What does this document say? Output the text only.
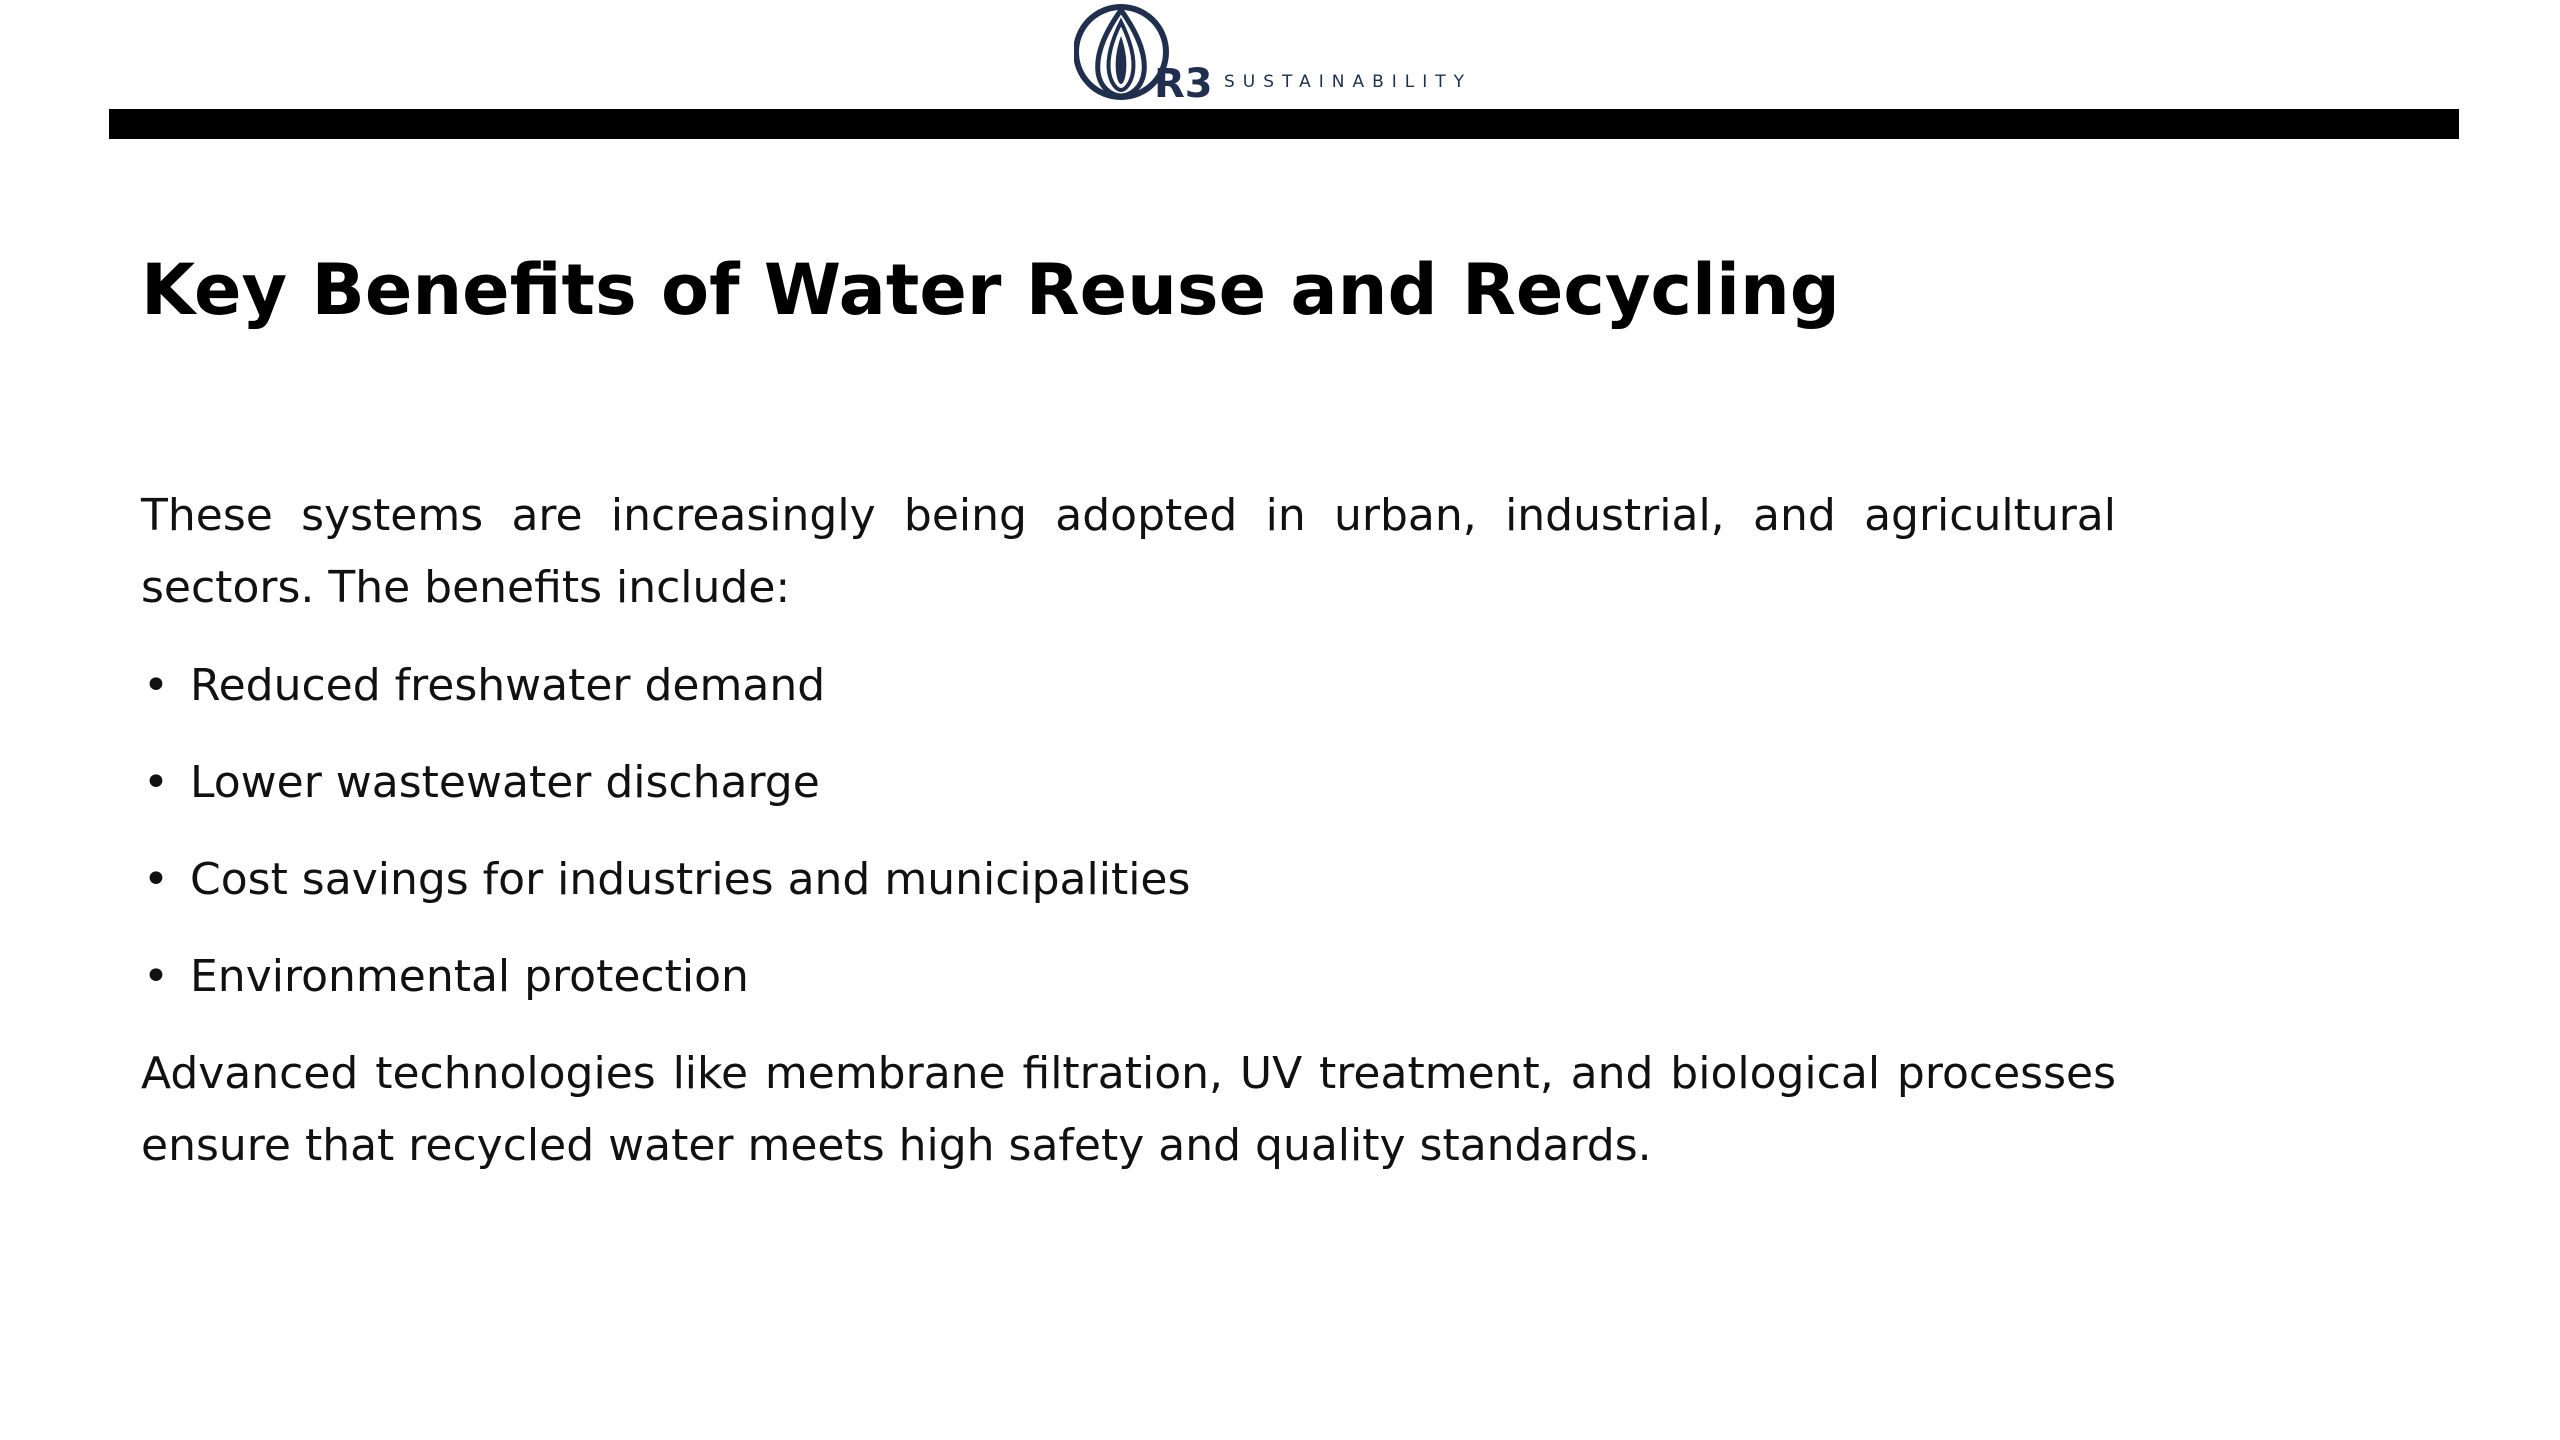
R3 SUSTAINABILITY
Key Benefits of Water Reuse and Recycling

These systems are increasingly being adopted in urban, industrial, and agricultural sectors. The benefits include:

• Reduced freshwater demand
• Lower wastewater discharge
• Cost savings for industries and municipalities
• Environmental protection

Advanced technologies like membrane filtration, UV treatment, and biological processes ensure that recycled water meets high safety and quality standards.
